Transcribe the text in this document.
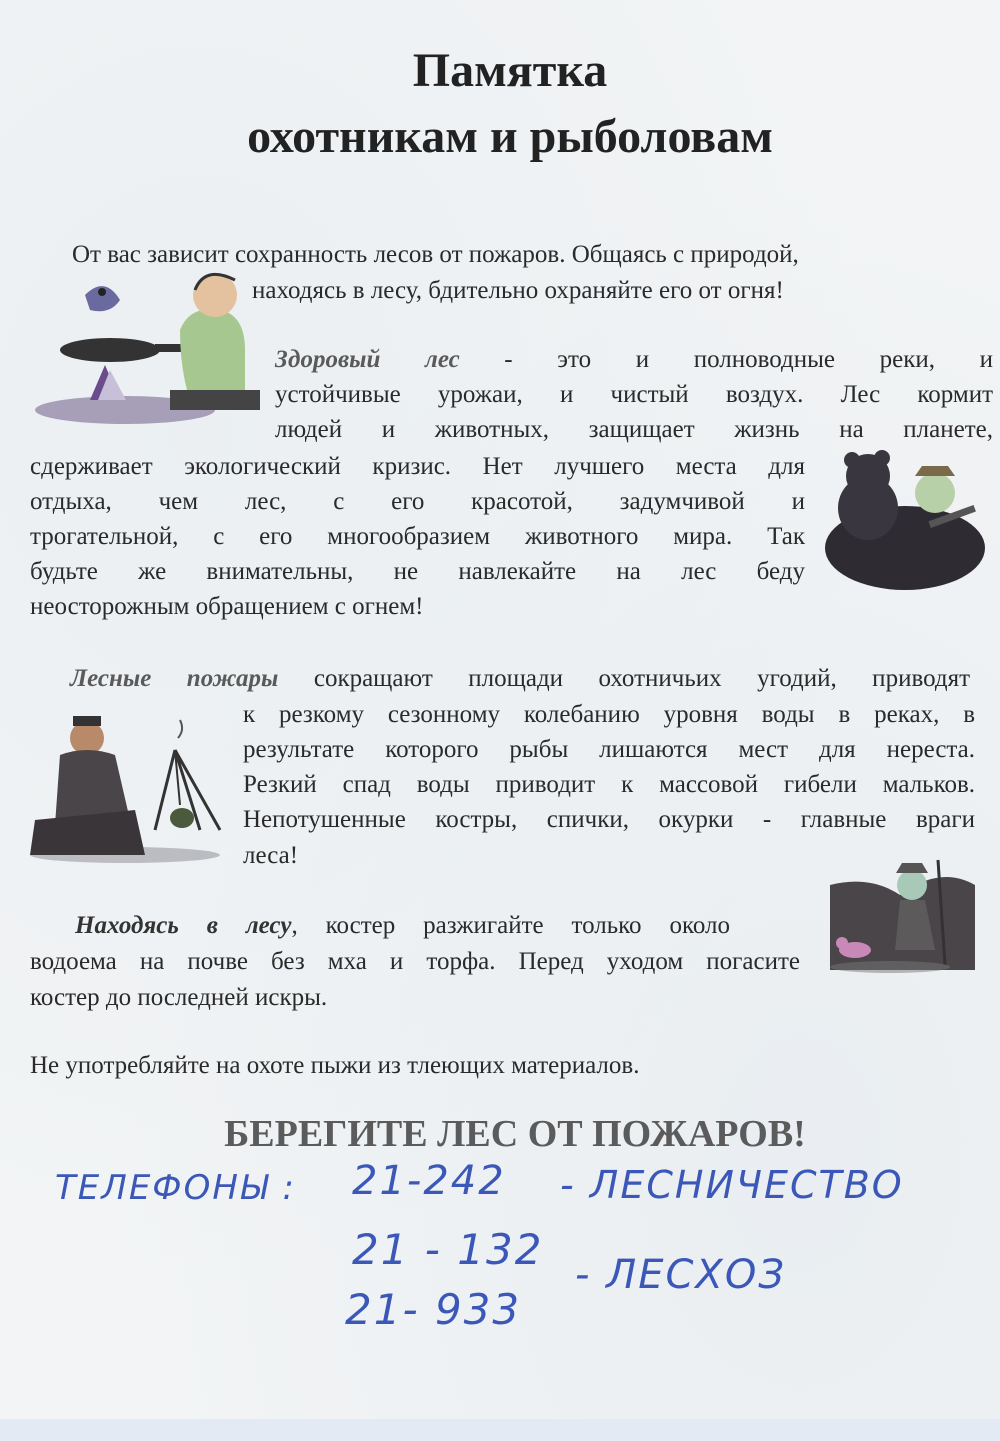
Памятка
охотникам и рыболовам
От вас зависит сохранность лесов от пожаров. Общаясь с природой,
находясь в лесу, бдительно охраняйте его от огня!
Здоровый лес - это и полноводные реки, и
устойчивые урожаи, и чистый воздух. Лес кормит
людей и животных, защищает жизнь на планете,
сдерживает экологический кризис. Нет лучшего места для
отдыха, чем лес, с его красотой, задумчивой и
трогательной, с его многообразием животного мира. Так
будьте же внимательны, не навлекайте на лес беду
неосторожным обращением с огнем!
Лесные пожары сокращают площади охотничьих угодий, приводят
к резкому сезонному колебанию уровня воды в реках, в
результате которого рыбы лишаются мест для нереста.
Резкий спад воды приводит к массовой гибели мальков.
Непотушенные костры, спички, окурки - главные враги
леса!
Находясь в лесу, костер разжигайте только около
водоема на почве без мха и торфа. Перед уходом погасите
костер до последней искры.
Не употребляйте на охоте пыжи из тлеющих материалов.
БЕРЕГИТЕ ЛЕС ОТ ПОЖАРОВ!
ТЕЛЕФОНЫ : 21-242 - ЛЕСНИЧЕСТВО
21 - 132
21- 933
- ЛЕСХОЗ
